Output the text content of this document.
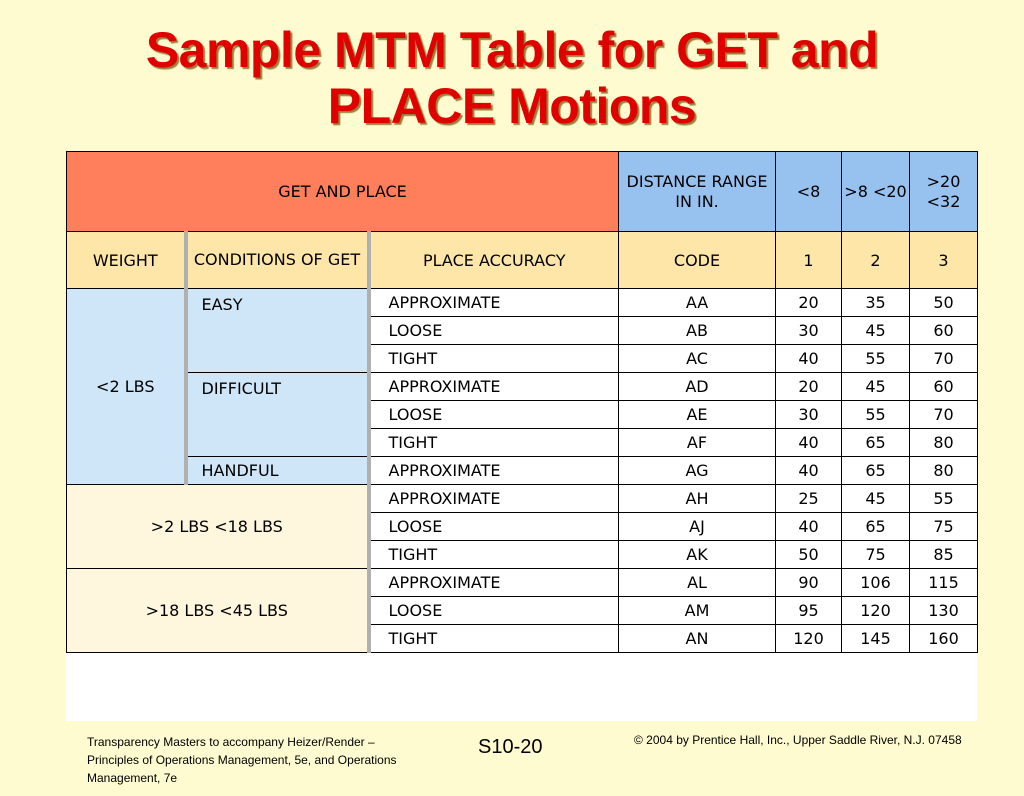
Sample MTM Table for GET and
PLACE Motions
GET AND PLACE			DISTANCE RANGE IN IN.	<8	>8 <20	>20 <32
WEIGHT	CONDITIONS OF GET	PLACE ACCURACY	CODE	1	2	3
<2 LBS	EASY	APPROXIMATE	AA	20	35	50
		LOOSE	AB	30	45	60
		TIGHT	AC	40	55	70
	DIFFICULT	APPROXIMATE	AD	20	45	60
		LOOSE	AE	30	55	70
		TIGHT	AF	40	65	80
	HANDFUL	APPROXIMATE	AG	40	65	80
>2 LBS <18 LBS		APPROXIMATE	AH	25	45	55
		LOOSE	AJ	40	65	75
		TIGHT	AK	50	75	85
>18 LBS <45 LBS		APPROXIMATE	AL	90	106	115
		LOOSE	AM	95	120	130
		TIGHT	AN	120	145	160
Transparency Masters to accompany Heizer/Render – Principles of Operations Management, 5e, and Operations Management, 7e
S10-20	© 2004 by Prentice Hall, Inc., Upper Saddle River, N.J. 07458
